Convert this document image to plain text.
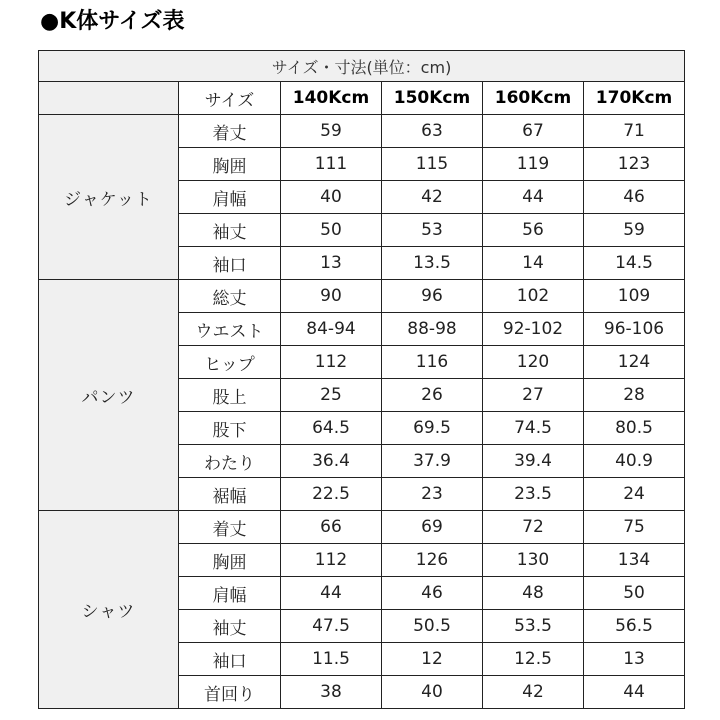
●K体サイズ表
サイズ・寸法(単位：cm)					
	サイズ	140Kcm	150Kcm	160Kcm	170Kcm
ジャケット	着丈	59	63	67	71
	胸囲	111	115	119	123
	肩幅	40	42	44	46
	袖丈	50	53	56	59
	袖口	13	13.5	14	14.5
パンツ	総丈	90	96	102	109
	ウエスト	84-94	88-98	92-102	96-106
	ヒップ	112	116	120	124
	股上	25	26	27	28
	股下	64.5	69.5	74.5	80.5
	わたり	36.4	37.9	39.4	40.9
	裾幅	22.5	23	23.5	24
シャツ	着丈	66	69	72	75
	胸囲	112	126	130	134
	肩幅	44	46	48	50
	袖丈	47.5	50.5	53.5	56.5
	袖口	11.5	12	12.5	13
	首回り	38	40	42	44
